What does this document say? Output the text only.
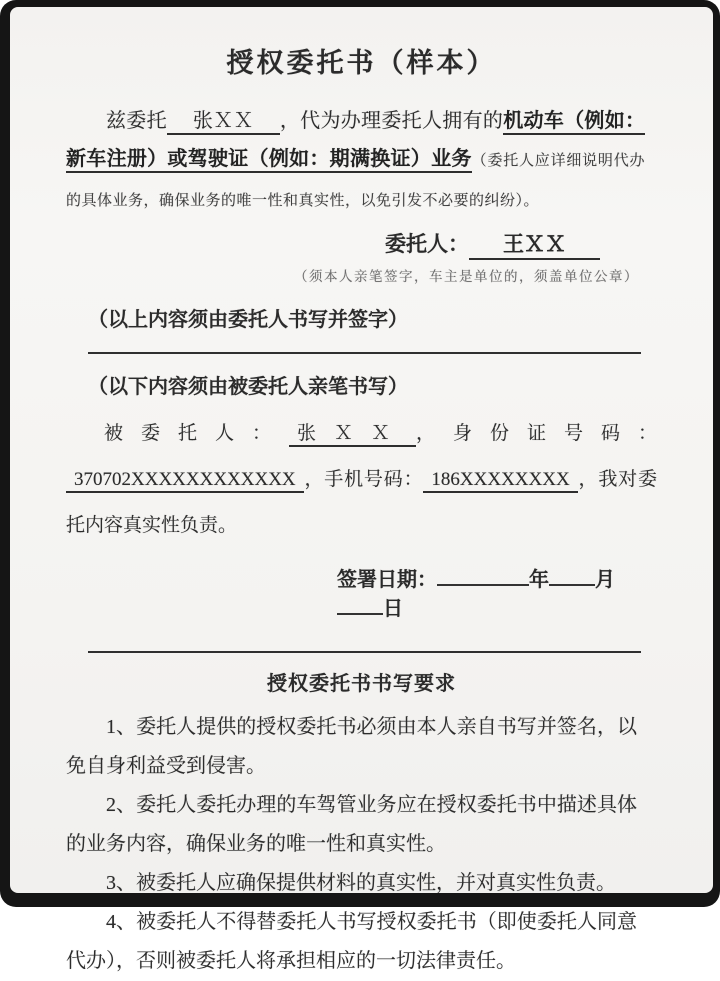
授权委托书（样本）

兹委托 张ＸＸ ，代为办理委托人拥有的机动车（例如：新车注册）或驾驶证（例如：期满换证）业务（委托人应详细说明代办的具体业务，确保业务的唯一性和真实性，以免引发不必要的纠纷）。

委托人： 王ＸＸ
（须本人亲笔签字，车主是单位的，须盖单位公章）

（以上内容须由委托人书写并签字）

（以下内容须由被委托人亲笔书写）

被委托人： 张ＸＸ ，身份证号码：370702XXXXXXXXXXXX ，手机号码： 186XXXXXXXX ，我对委托内容真实性负责。

签署日期：	年 月日
授权委托书书写要求

1、委托人提供的授权委托书必须由本人亲自书写并签名，以免自身利益受到侵害。

2、委托人委托办理的车驾管业务应在授权委托书中描述具体的业务内容，确保业务的唯一性和真实性。

3、被委托人应确保提供材料的真实性，并对真实性负责。

4、被委托人不得替委托人书写授权委托书（即使委托人同意代办），否则被委托人将承担相应的一切法律责任。
